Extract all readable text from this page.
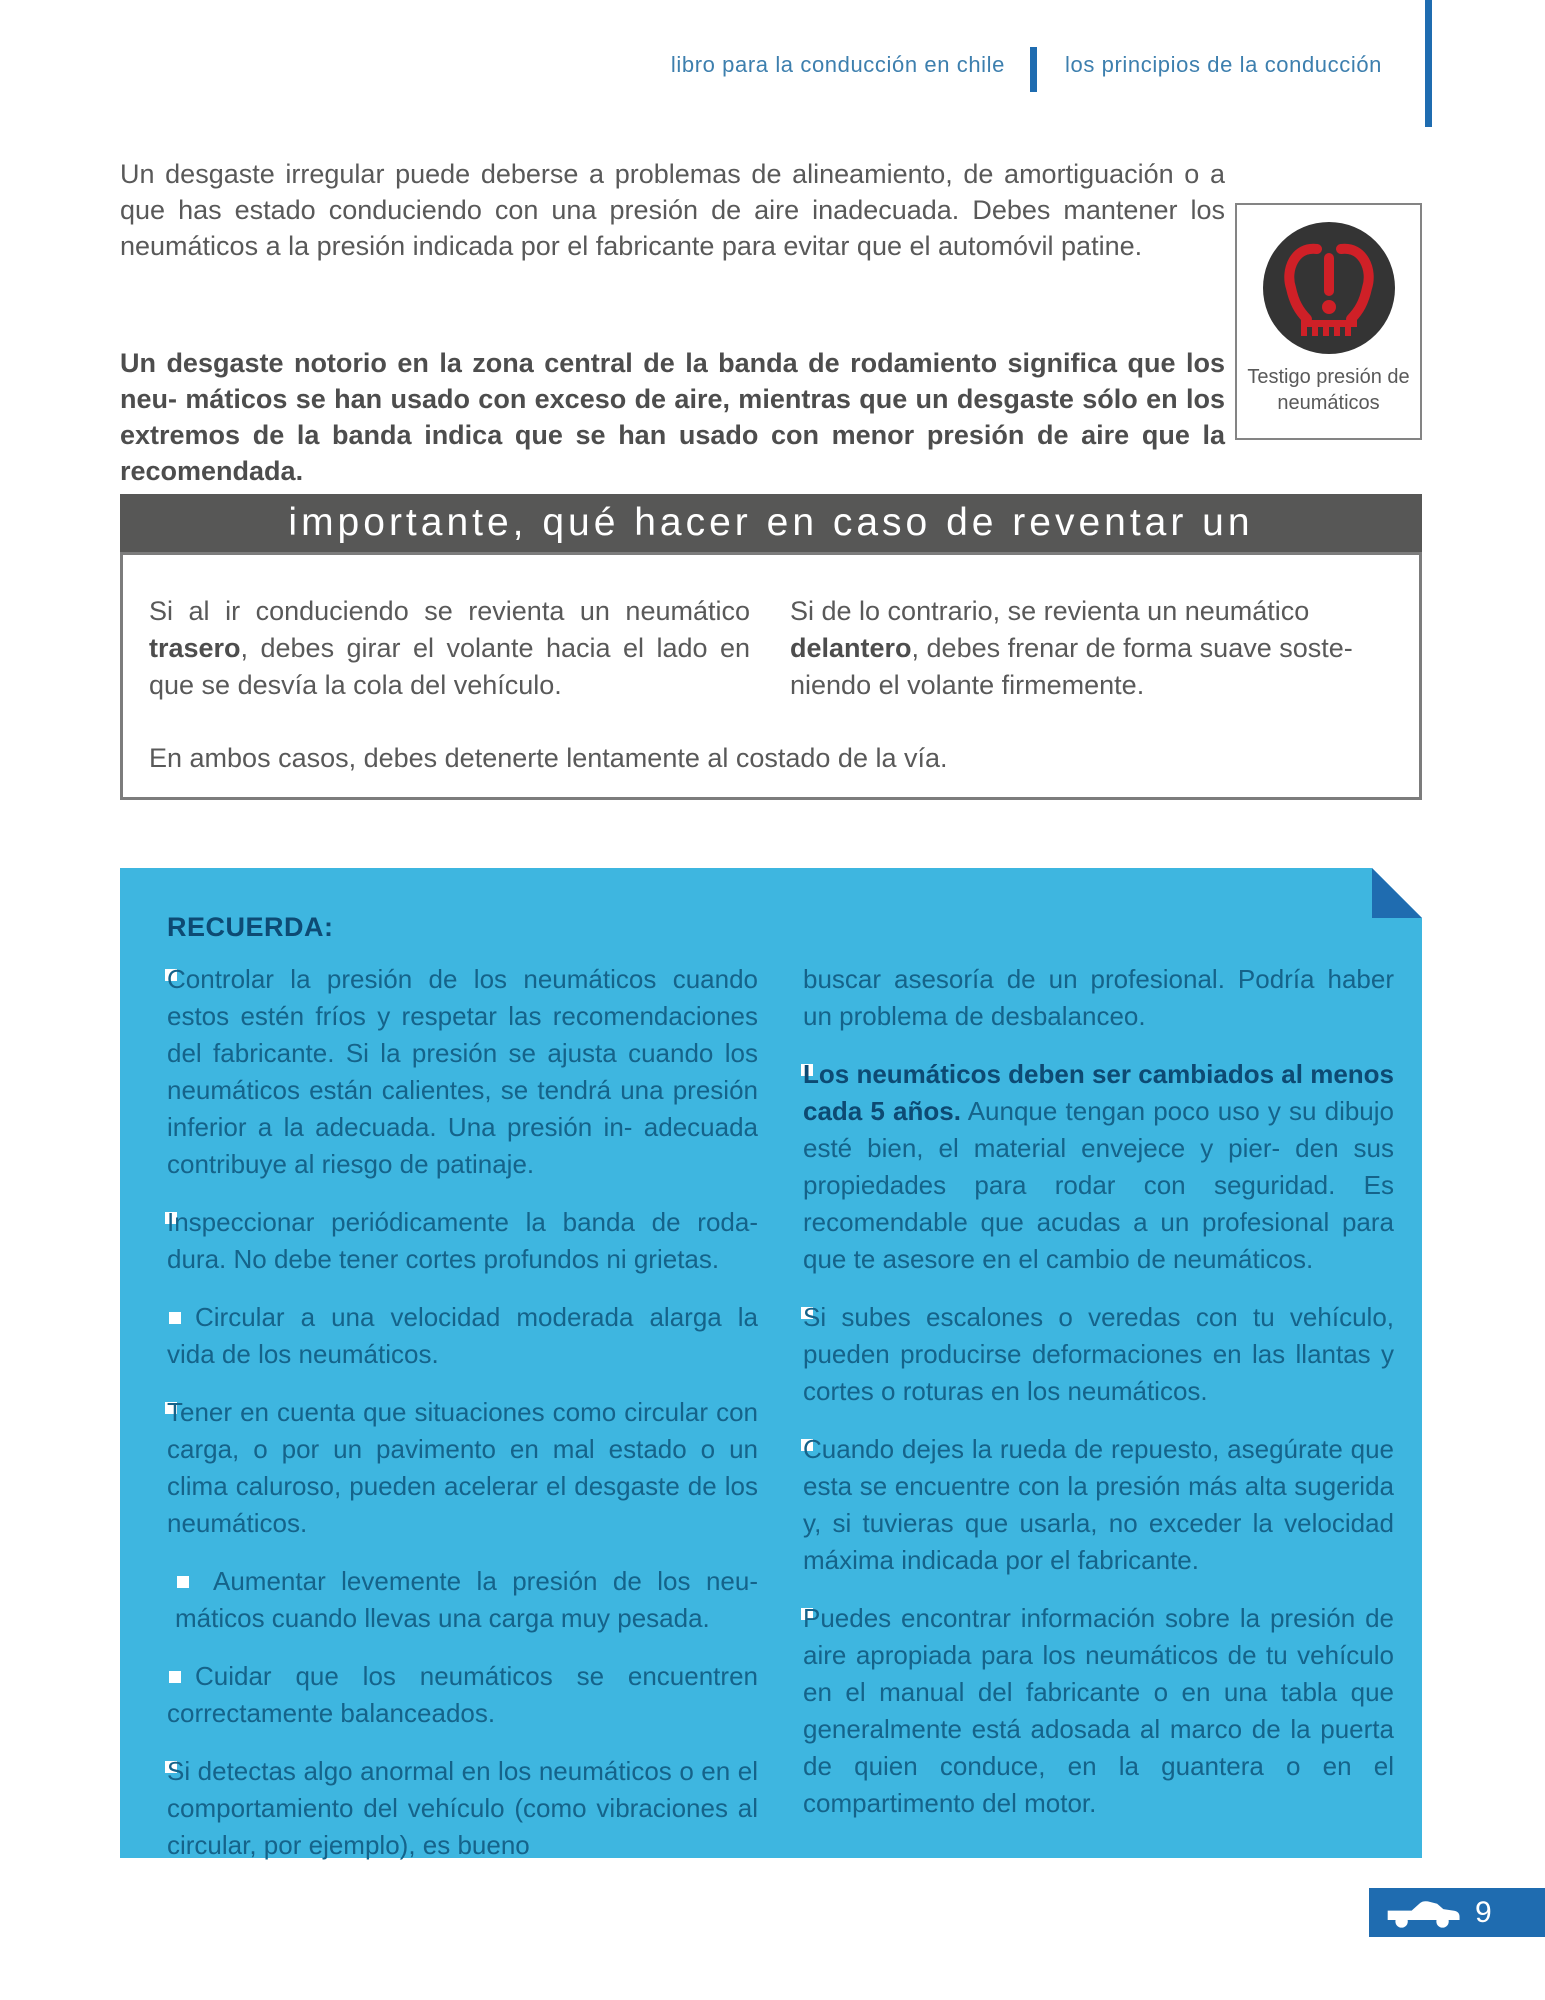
libro para la conducción en chile	los principios de la conducción

Un desgaste irregular puede deberse a problemas de alineamiento, de amortiguación o a que has estado conduciendo con una presión de aire inadecuada. Debes mantener los neumáticos a la presión indicada por el fabricante para evitar que el automóvil patine.

Un desgaste notorio en la zona central de la banda de rodamiento significa que los neu- máticos se han usado con exceso de aire, mientras que un desgaste sólo en los extremos de la banda indica que se han usado con menor presión de aire que la recomendada.

Testigo presión de neumáticos

importante, qué hacer en caso de reventar un

Si al ir conduciendo se revienta un neumático trasero, debes girar el volante hacia el lado en que se desvía la cola del vehículo.

Si de lo contrario, se revienta un neumático delantero, debes frenar de forma suave soste- niendo el volante firmemente.

En ambos casos, debes detenerte lentamente al costado de la vía.

RECUERDA:

Controlar la presión de los neumáticos cuando estos estén fríos y respetar las recomendaciones del fabricante. Si la presión se ajusta cuando los neumáticos están calientes, se tendrá una presión inferior a la adecuada. Una presión in- adecuada contribuye al riesgo de patinaje.

Inspeccionar periódicamente la banda de roda- dura. No debe tener cortes profundos ni grietas.

Circular a una velocidad moderada alarga la vida de los neumáticos.

Tener en cuenta que situaciones como circular con carga, o por un pavimento en mal estado o un clima caluroso, pueden acelerar el desgaste de los neumáticos.

Aumentar levemente la presión de los neu- máticos cuando llevas una carga muy pesada.

Cuidar que los neumáticos se encuentren correctamente balanceados.

Si detectas algo anormal en los neumáticos o en el comportamiento del vehículo (como vibraciones al circular, por ejemplo), es bueno

buscar asesoría de un profesional. Podría haber un problema de desbalanceo.

Los neumáticos deben ser cambiados al menos cada 5 años. Aunque tengan poco uso y su dibujo esté bien, el material envejece y pier- den sus propiedades para rodar con seguridad. Es recomendable que acudas a un profesional para que te asesore en el cambio de neumáticos.

Si subes escalones o veredas con tu vehículo, pueden producirse deformaciones en las llantas y cortes o roturas en los neumáticos.

Cuando dejes la rueda de repuesto, asegúrate que esta se encuentre con la presión más alta sugerida y, si tuvieras que usarla, no exceder la velocidad máxima indicada por el fabricante.

Puedes encontrar información sobre la presión de aire apropiada para los neumáticos de tu vehículo en el manual del fabricante o en una tabla que generalmente está adosada al marco de la puerta de quien conduce, en la guantera o en el compartimento del motor.

9
